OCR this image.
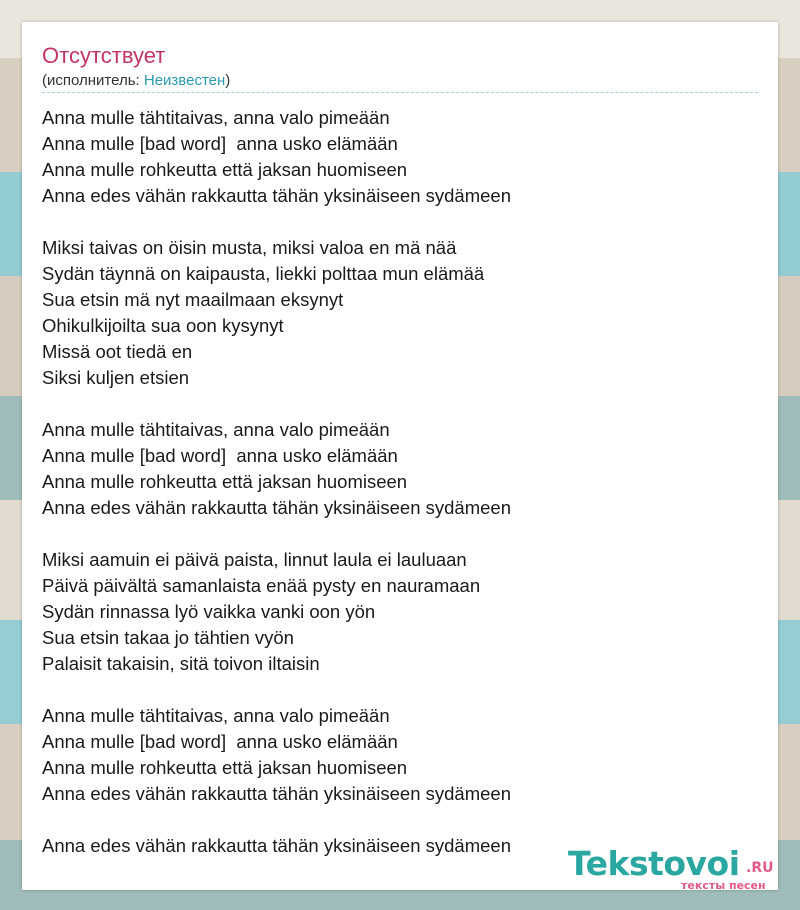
Отсутствует
(исполнитель: Неизвестен)
Anna mulle tähtitaivas, anna valo pimeään
Anna mulle [bad word]  anna usko elämään
Anna mulle rohkeutta että jaksan huomiseen
Anna edes vähän rakkautta tähän yksinäiseen sydämeen
Miksi taivas on öisin musta, miksi valoa en mä nää
Sydän täynnä on kaipausta, liekki polttaa mun elämää
Sua etsin mä nyt maailmaan eksynyt
Ohikulkijoilta sua oon kysynyt
Missä oot tiedä en
Siksi kuljen etsien
Anna mulle tähtitaivas, anna valo pimeään
Anna mulle [bad word]  anna usko elämään
Anna mulle rohkeutta että jaksan huomiseen
Anna edes vähän rakkautta tähän yksinäiseen sydämeen
Miksi aamuin ei päivä paista, linnut laula ei lauluaan
Päivä päivältä samanlaista enää pysty en nauramaan
Sydän rinnassa lyö vaikka vanki oon yön
Sua etsin takaa jo tähtien vyön
Palaisit takaisin, sitä toivon iltaisin
Anna mulle tähtitaivas, anna valo pimeään
Anna mulle [bad word]  anna usko elämään
Anna mulle rohkeutta että jaksan huomiseen
Anna edes vähän rakkautta tähän yksinäiseen sydämeen
Anna edes vähän rakkautta tähän yksinäiseen sydämeen	Tekstovoi .RU
тексты песен
